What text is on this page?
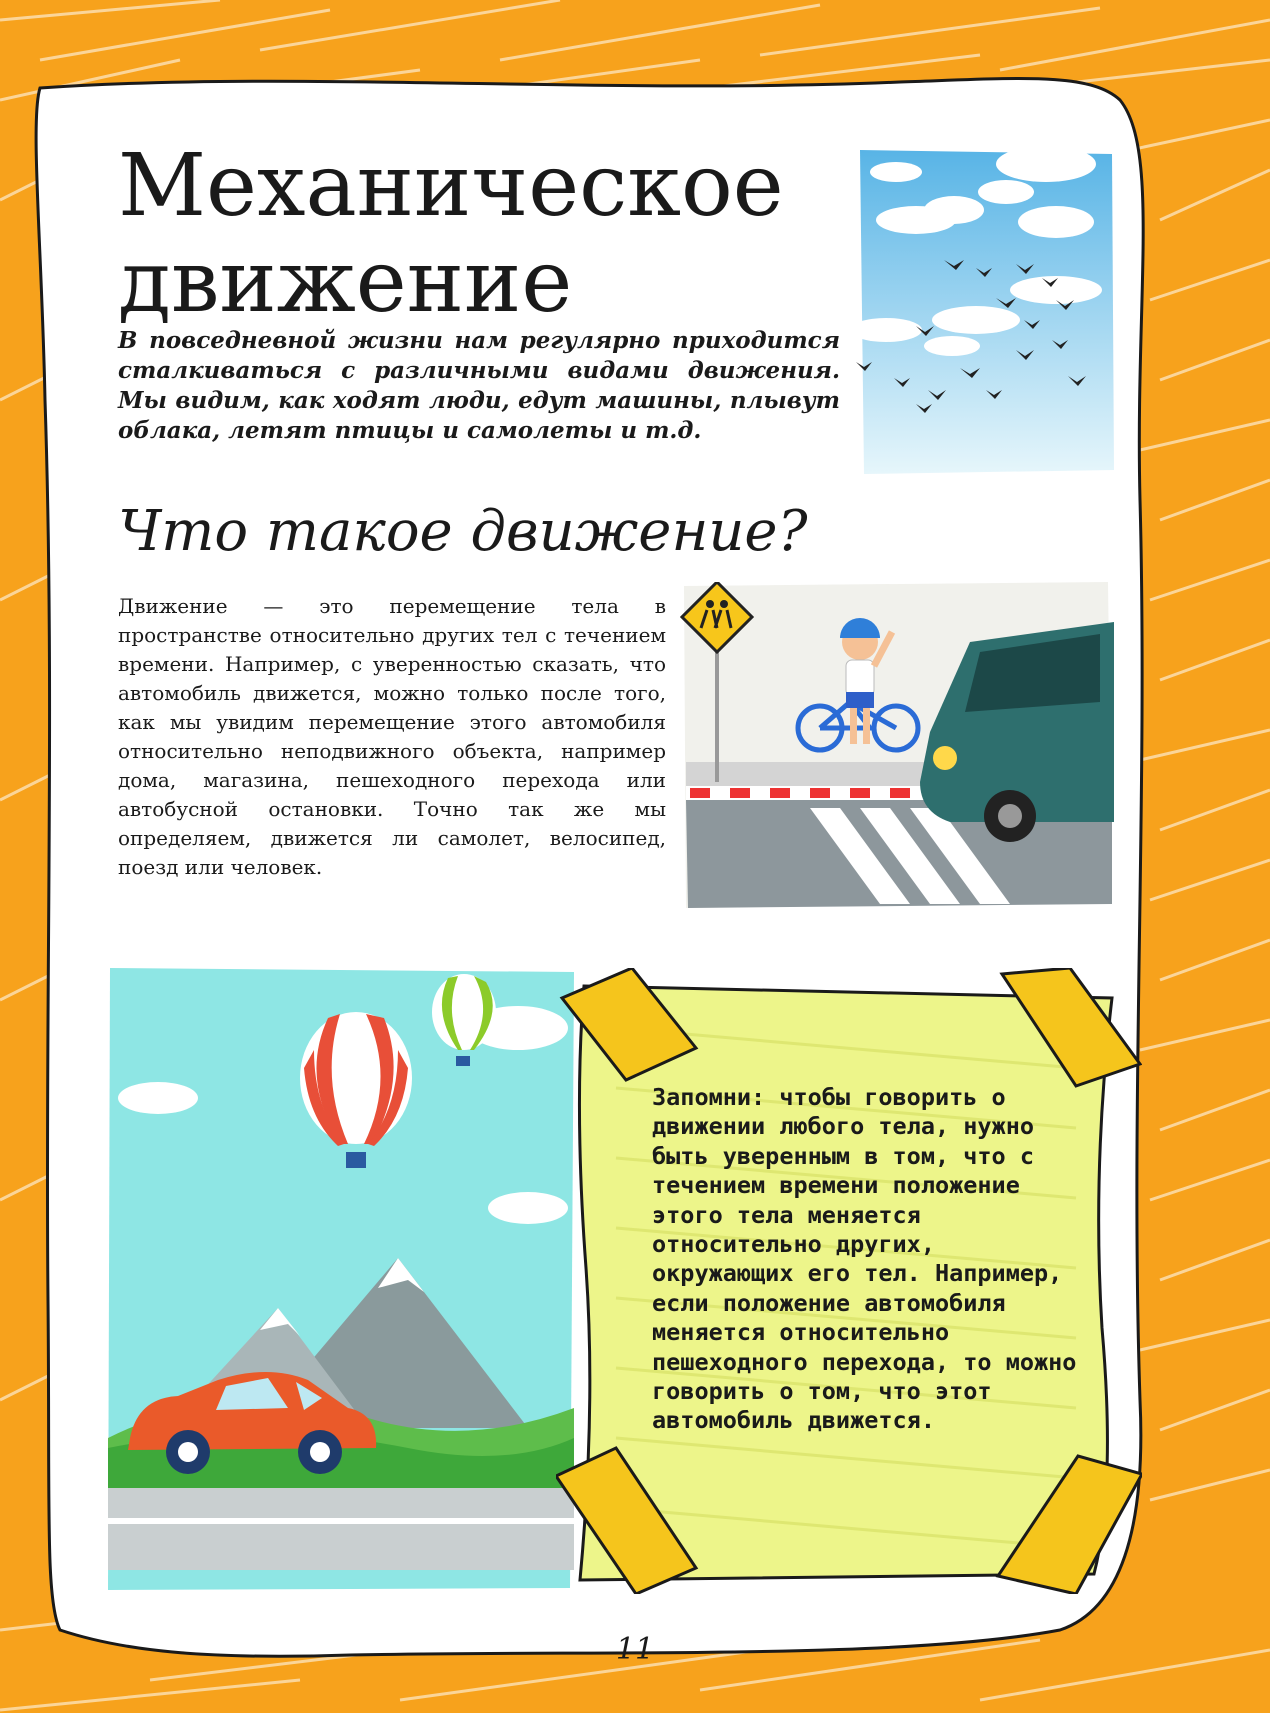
Механическое движение

В повседневной жизни нам регулярно приходится сталкиваться с различными видами движения. Мы видим, как ходят люди, едут машины, плывут облака, летят птицы и самолеты и т.д.

Что такое движение?

Движение — это перемещение тела в пространстве относительно других тел с течением времени. Например, с уверенностью сказать, что автомобиль движется, можно только после того, как мы увидим перемещение этого автомобиля относительно неподвижного объекта, например дома, магазина, пешеходного перехода или автобусной остановки. Точно так же мы определяем, движется ли самолет, велосипед, поезд или человек.

Запомни: чтобы говорить о движении любого тела, нужно быть уверенным в том, что с течением времени положение этого тела меняется относительно других, окружающих его тел. Например, если положение автомобиля меняется относительно пешеходного перехода, то можно говорить о том, что этот автомобиль движется.

11
